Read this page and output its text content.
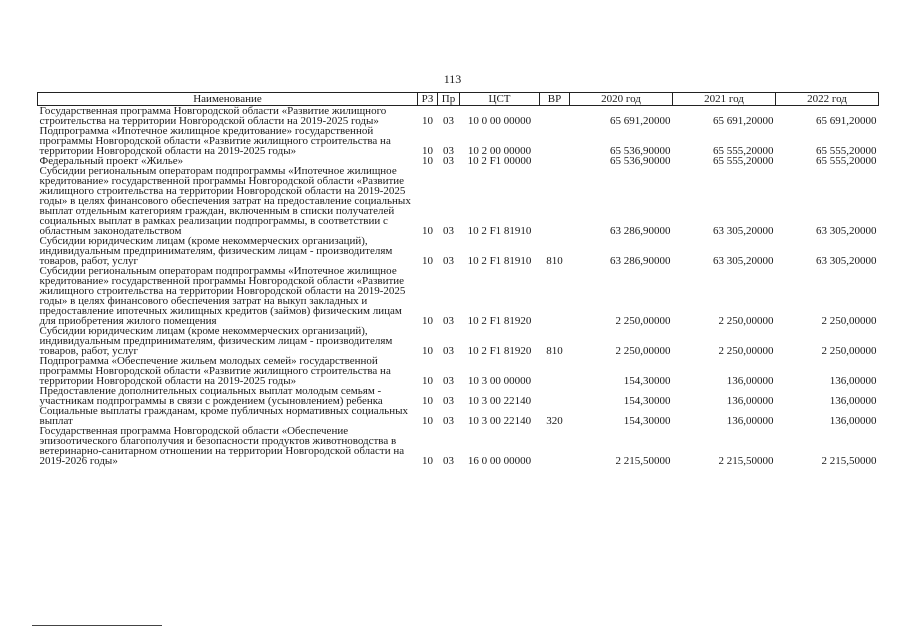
113
Наименование	РЗ	Пр	ЦСТ	ВР	2020 год	2021 год	2022 год
Государственная программа Новгородской области «Развитие жилищного строительства на территории Новгородской области на 2019-2025 годы»	10	03	10 0 00 00000		65 691,20000	65 691,20000	65 691,20000
Подпрограмма «Ипотечное жилищное кредитование» государственной программы Новгородской области «Развитие жилищного строительства на территории Новгородской области на 2019-2025 годы»	10	03	10 2 00 00000		65 536,90000	65 555,20000	65 555,20000
Федеральный проект «Жилье»	10	03	10 2 F1 00000		65 536,90000	65 555,20000	65 555,20000
Субсидии региональным операторам подпрограммы «Ипотечное жилищное кредитование» государственной программы Новгородской области «Развитие жилищного строительства на территории Новгородской области на 2019-2025 годы» в целях финансового обеспечения затрат на предоставление социальных выплат отдельным категориям граждан, включенным в списки получателей социальных выплат в рамках реализации подпрограммы, в соответствии с областным законодательством	10	03	10 2 F1 81910		63 286,90000	63 305,20000	63 305,20000
Субсидии юридическим лицам (кроме некоммерческих организаций), индивидуальным предпринимателям, физическим лицам - производителям товаров, работ, услуг	10	03	10 2 F1 81910	810	63 286,90000	63 305,20000	63 305,20000
Субсидии региональным операторам подпрограммы «Ипотечное жилищное кредитование» государственной программы Новгородской области «Развитие жилищного строительства на территории Новгородской области на 2019-2025 годы» в целях финансового обеспечения затрат на выкуп закладных и предоставление ипотечных жилищных кредитов (займов) физическим лицам для приобретения жилого помещения	10	03	10 2 F1 81920		2 250,00000	2 250,00000	2 250,00000
Субсидии юридическим лицам (кроме некоммерческих организаций), индивидуальным предпринимателям, физическим лицам - производителям товаров, работ, услуг	10	03	10 2 F1 81920	810	2 250,00000	2 250,00000	2 250,00000
Подпрограмма «Обеспечение жильем молодых семей» государственной программы Новгородской области «Развитие жилищного строительства на территории Новгородской области на 2019-2025 годы»	10	03	10 3 00 00000		154,30000	136,00000	136,00000
Предоставление дополнительных социальных выплат молодым семьям - участникам подпрограммы в связи с рождением (усыновлением) ребенка	10	03	10 3 00 22140		154,30000	136,00000	136,00000
Социальные выплаты гражданам, кроме публичных нормативных социальных выплат	10	03	10 3 00 22140	320	154,30000	136,00000	136,00000
Государственная программа Новгородской области «Обеспечение эпизоотического благополучия и безопасности продуктов животноводства в ветеринарно-санитарном отношении на территории Новгородской области на 2019-2026 годы»	10	03	16 0 00 00000		2 215,50000	2 215,50000	2 215,50000
